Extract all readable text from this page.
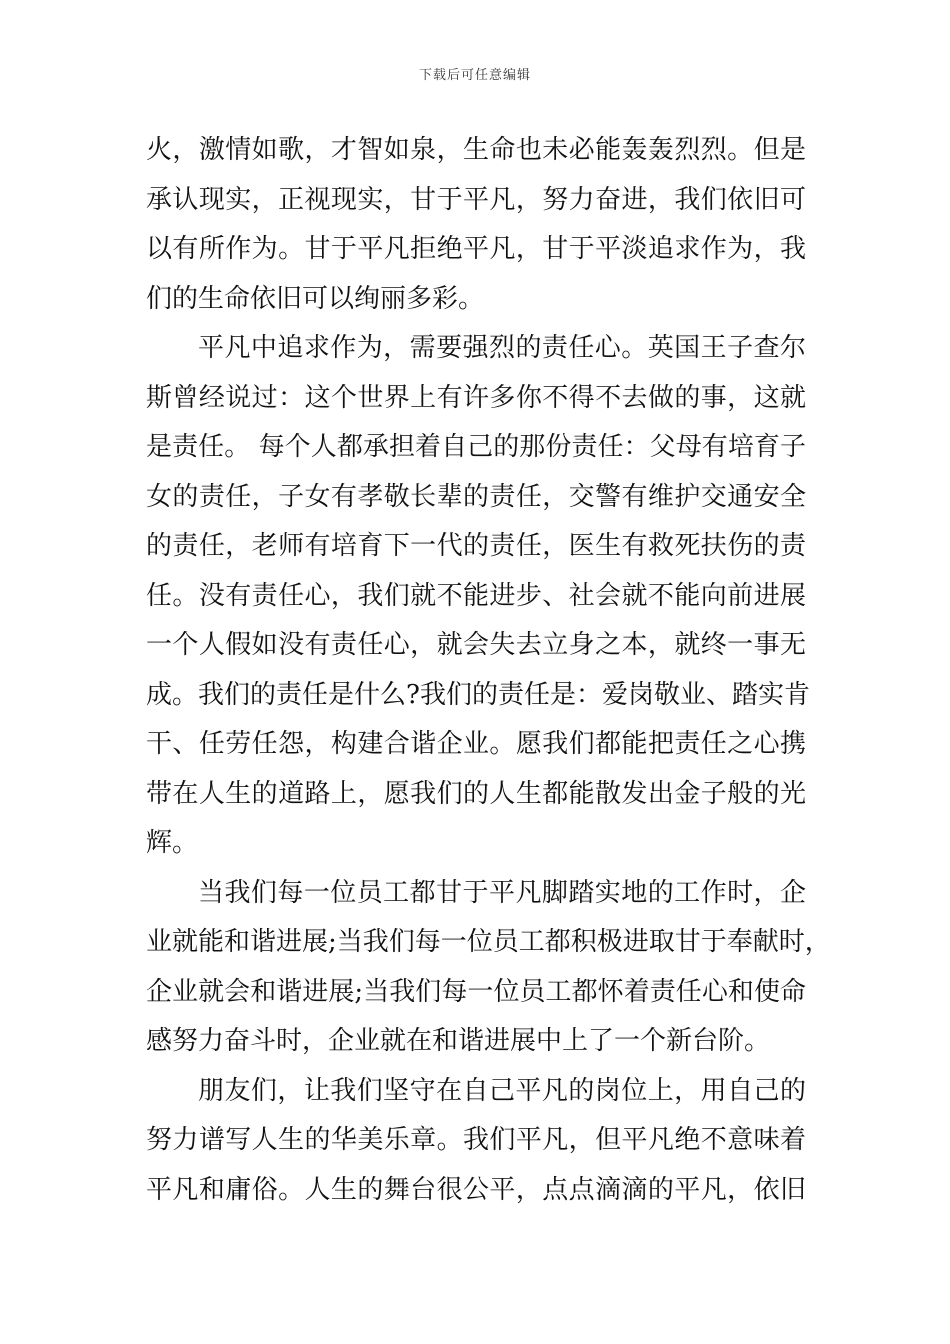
下载后可任意编辑
火，激情如歌，才智如泉，生命也未必能轰轰烈烈。但是
承认现实，正视现实，甘于平凡，努力奋进，我们依旧可
以有所作为。甘于平凡拒绝平凡，甘于平淡追求作为，我
们的生命依旧可以绚丽多彩。
平凡中追求作为，需要强烈的责任心。英国王子查尔
斯曾经说过：这个世界上有许多你不得不去做的事，这就
是责任。 每个人都承担着自己的那份责任：父母有培育子
女的责任，子女有孝敬长辈的责任，交警有维护交通安全
的责任，老师有培育下一代的责任，医生有救死扶伤的责
任。没有责任心，我们就不能进步、社会就不能向前进展
一个人假如没有责任心，就会失去立身之本，就终一事无
成。我们的责任是什么?我们的责任是：爱岗敬业、踏实肯
干、任劳任怨，构建合谐企业。愿我们都能把责任之心携
带在人生的道路上，愿我们的人生都能散发出金子般的光
辉。
当我们每一位员工都甘于平凡脚踏实地的工作时，企
业就能和谐进展;当我们每一位员工都积极进取甘于奉献时，
企业就会和谐进展;当我们每一位员工都怀着责任心和使命
感努力奋斗时，企业就在和谐进展中上了一个新台阶。
朋友们，让我们坚守在自己平凡的岗位上，用自己的
努力谱写人生的华美乐章。我们平凡，但平凡绝不意味着
平凡和庸俗。人生的舞台很公平，点点滴滴的平凡，依旧
